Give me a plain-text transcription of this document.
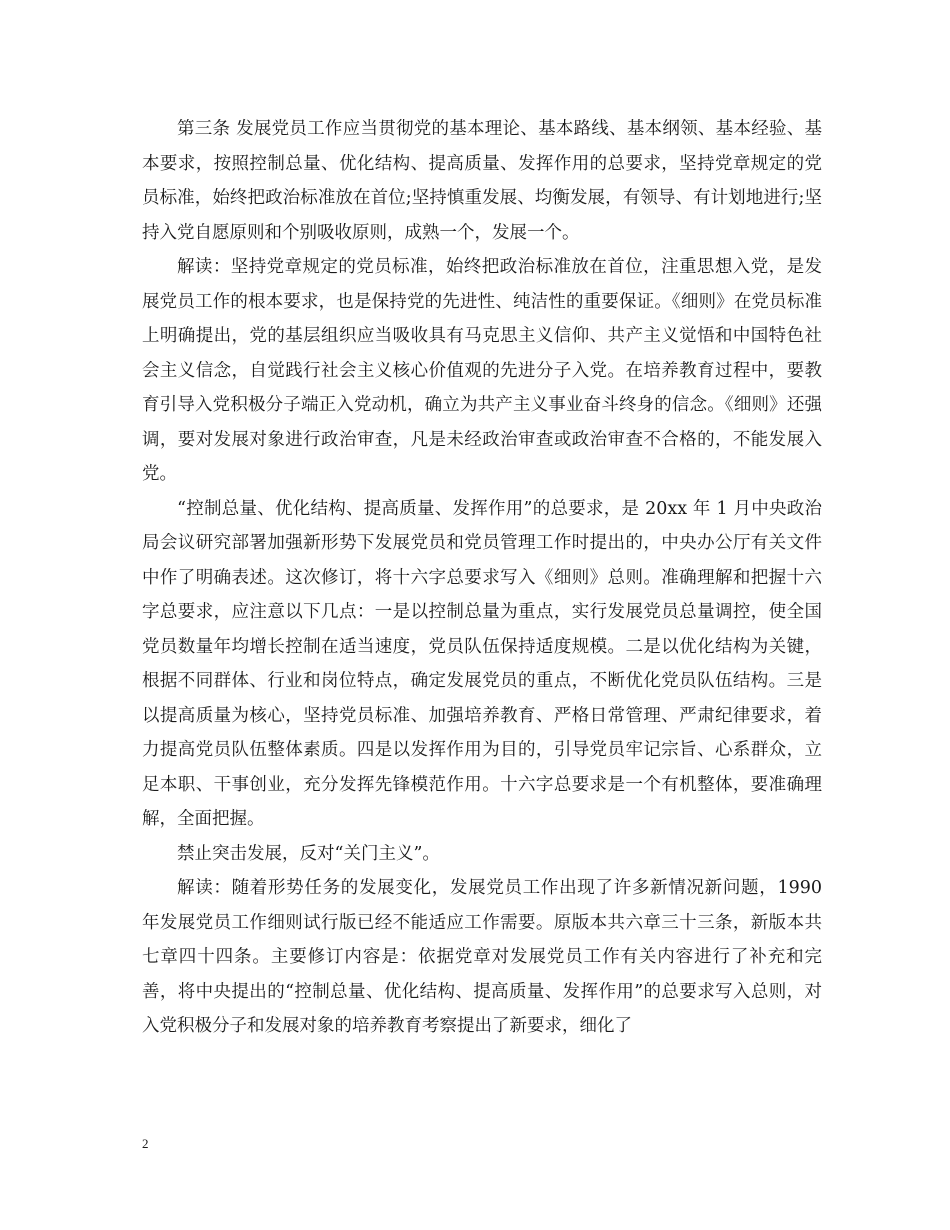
第三条 发展党员工作应当贯彻党的基本理论、基本路线、基本纲领、基本经验、基本要求，按照控制总量、优化结构、提高质量、发挥作用的总要求，坚持党章规定的党员标准，始终把政治标准放在首位;坚持慎重发展、均衡发展，有领导、有计划地进行;坚持入党自愿原则和个别吸收原则，成熟一个，发展一个。

解读：坚持党章规定的党员标准，始终把政治标准放在首位，注重思想入党，是发展党员工作的根本要求，也是保持党的先进性、纯洁性的重要保证。《细则》在党员标准上明确提出，党的基层组织应当吸收具有马克思主义信仰、共产主义觉悟和中国特色社会主义信念，自觉践行社会主义核心价值观的先进分子入党。在培养教育过程中，要教育引导入党积极分子端正入党动机，确立为共产主义事业奋斗终身的信念。《细则》还强调，要对发展对象进行政治审查，凡是未经政治审查或政治审查不合格的，不能发展入党。

“控制总量、优化结构、提高质量、发挥作用”的总要求，是 20xx 年 1 月中央政治局会议研究部署加强新形势下发展党员和党员管理工作时提出的，中央办公厅有关文件中作了明确表述。这次修订，将十六字总要求写入《细则》总则。准确理解和把握十六字总要求，应注意以下几点：一是以控制总量为重点，实行发展党员总量调控，使全国党员数量年均增长控制在适当速度，党员队伍保持适度规模。二是以优化结构为关键，根据不同群体、行业和岗位特点，确定发展党员的重点，不断优化党员队伍结构。三是以提高质量为核心，坚持党员标准、加强培养教育、严格日常管理、严肃纪律要求，着力提高党员队伍整体素质。四是以发挥作用为目的，引导党员牢记宗旨、心系群众，立足本职、干事创业，充分发挥先锋模范作用。十六字总要求是一个有机整体，要准确理解，全面把握。

禁止突击发展，反对“关门主义”。

解读：随着形势任务的发展变化，发展党员工作出现了许多新情况新问题，1990 年发展党员工作细则试行版已经不能适应工作需要。原版本共六章三十三条，新版本共七章四十四条。主要修订内容是：依据党章对发展党员工作有关内容进行了补充和完善，将中央提出的“控制总量、优化结构、提高质量、发挥作用”的总要求写入总则，对入党积极分子和发展对象的培养教育考察提出了新要求，细化了

2
